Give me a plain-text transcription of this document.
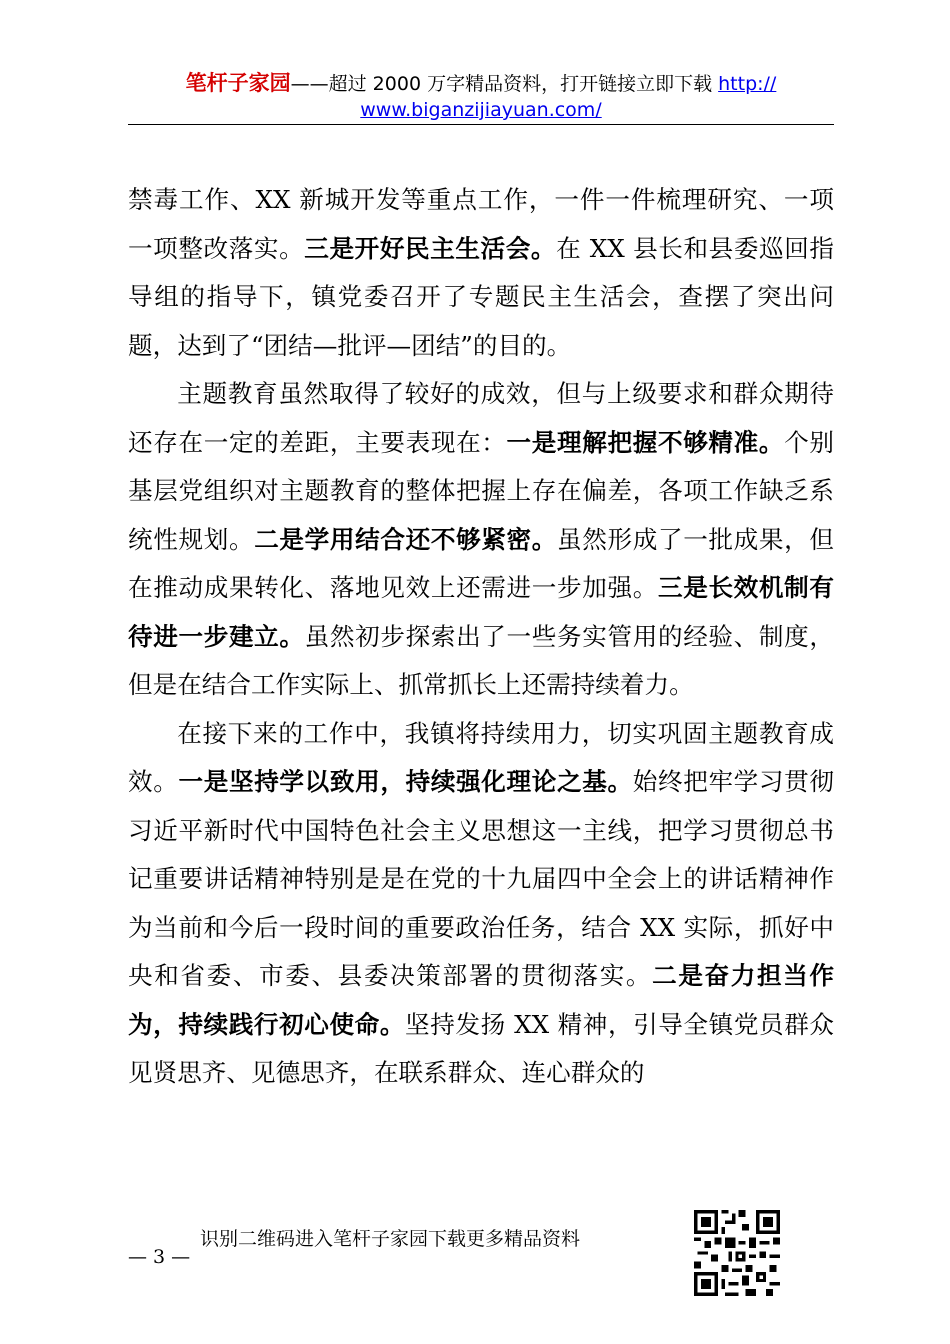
笔杆子家园——超过 2000 万字精品资料，打开链接立即下载 http://
www.biganzijiayuan.com/

禁毒工作、XX 新城开发等重点工作，一件一件梳理研究、一项一项整改落实。三是开好民主生活会。在 XX 县长和县委巡回指导组的指导下，镇党委召开了专题民主生活会，查摆了突出问题，达到了“团结—批评—团结”的目的。

主题教育虽然取得了较好的成效，但与上级要求和群众期待还存在一定的差距，主要表现在：一是理解把握不够精准。个别基层党组织对主题教育的整体把握上存在偏差，各项工作缺乏系统性规划。二是学用结合还不够紧密。虽然形成了一批成果，但在推动成果转化、落地见效上还需进一步加强。三是长效机制有待进一步建立。虽然初步探索出了一些务实管用的经验、制度，但是在结合工作实际上、抓常抓长上还需持续着力。

在接下来的工作中，我镇将持续用力，切实巩固主题教育成效。一是坚持学以致用，持续强化理论之基。始终把牢学习贯彻习近平新时代中国特色社会主义思想这一主线，把学习贯彻总书记重要讲话精神特别是是在党的十九届四中全会上的讲话精神作为当前和今后一段时间的重要政治任务，结合 XX 实际，抓好中央和省委、市委、县委决策部署的贯彻落实。二是奋力担当作为，持续践行初心使命。坚持发扬 XX 精神，引导全镇党员群众见贤思齐、见德思齐，在联系群众、连心群众的

— 3 —
识别二维码进入笔杆子家园下载更多精品资料
